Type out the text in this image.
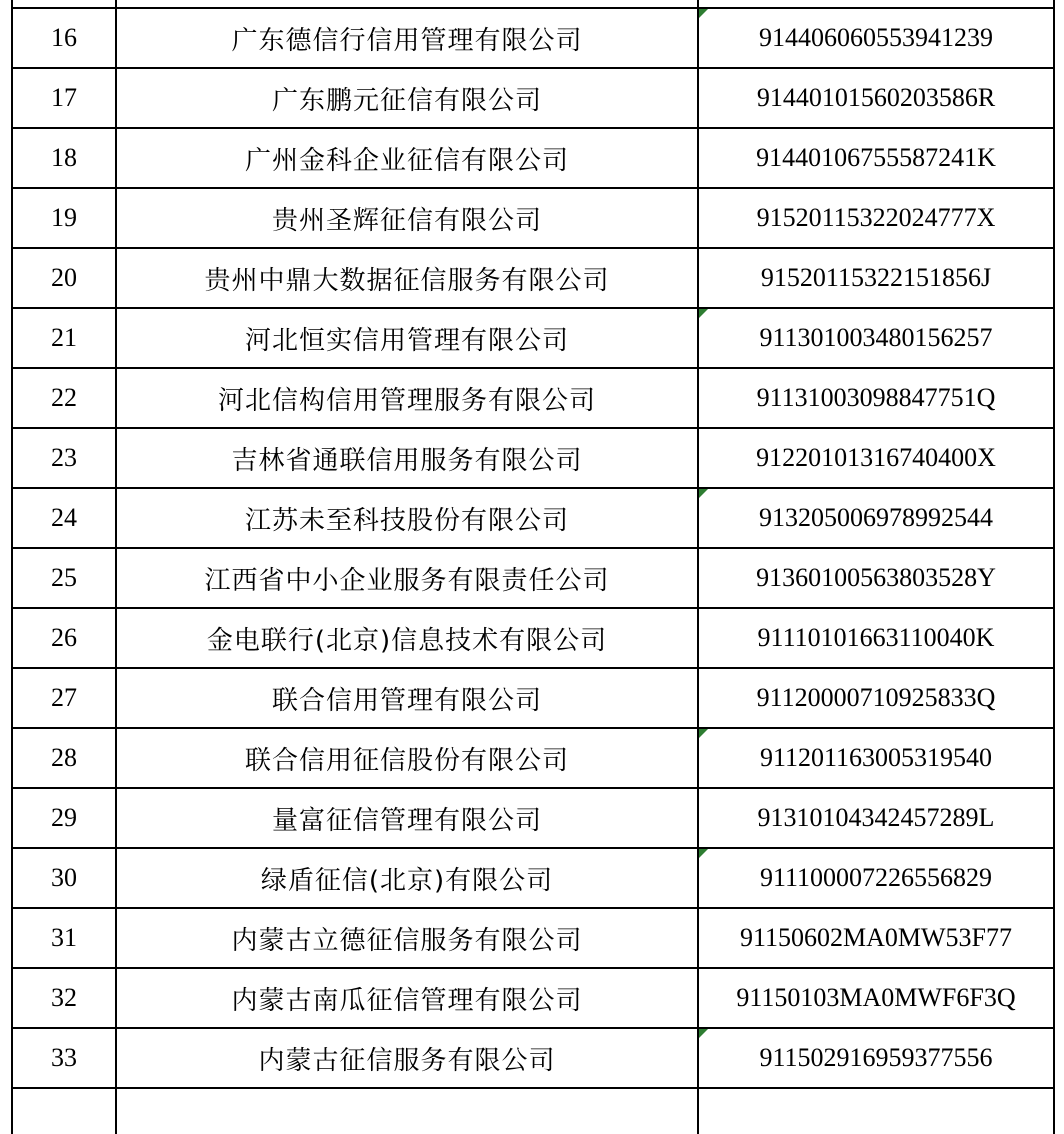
16	广东德信行信用管理有限公司	914406060553941239

17	广东鹏元征信有限公司	91440101560203586R
18	广州金科企业征信有限公司	91440106755587241K
19	贵州圣辉征信有限公司	91520115322024777X
20	贵州中鼎大数据征信服务有限公司	91520115322151856J
21	河北恒实信用管理有限公司	911301003480156257

22	河北信构信用管理服务有限公司	91131003098847751Q
23	吉林省通联信用服务有限公司	91220101316740400X
24	江苏未至科技股份有限公司	913205006978992544

25	江西省中小企业服务有限责任公司	91360100563803528Y
26	金电联行(北京)信息技术有限公司	91110101663110040K
27	联合信用管理有限公司	91120000710925833Q
28	联合信用征信股份有限公司	911201163005319540

29	量富征信管理有限公司	91310104342457289L
30	绿盾征信(北京)有限公司	911100007226556829

31	内蒙古立德征信服务有限公司	91150602MA0MW53F77
32	内蒙古南瓜征信管理有限公司	91150103MA0MWF6F3Q
33	内蒙古征信服务有限公司	911502916959377556
